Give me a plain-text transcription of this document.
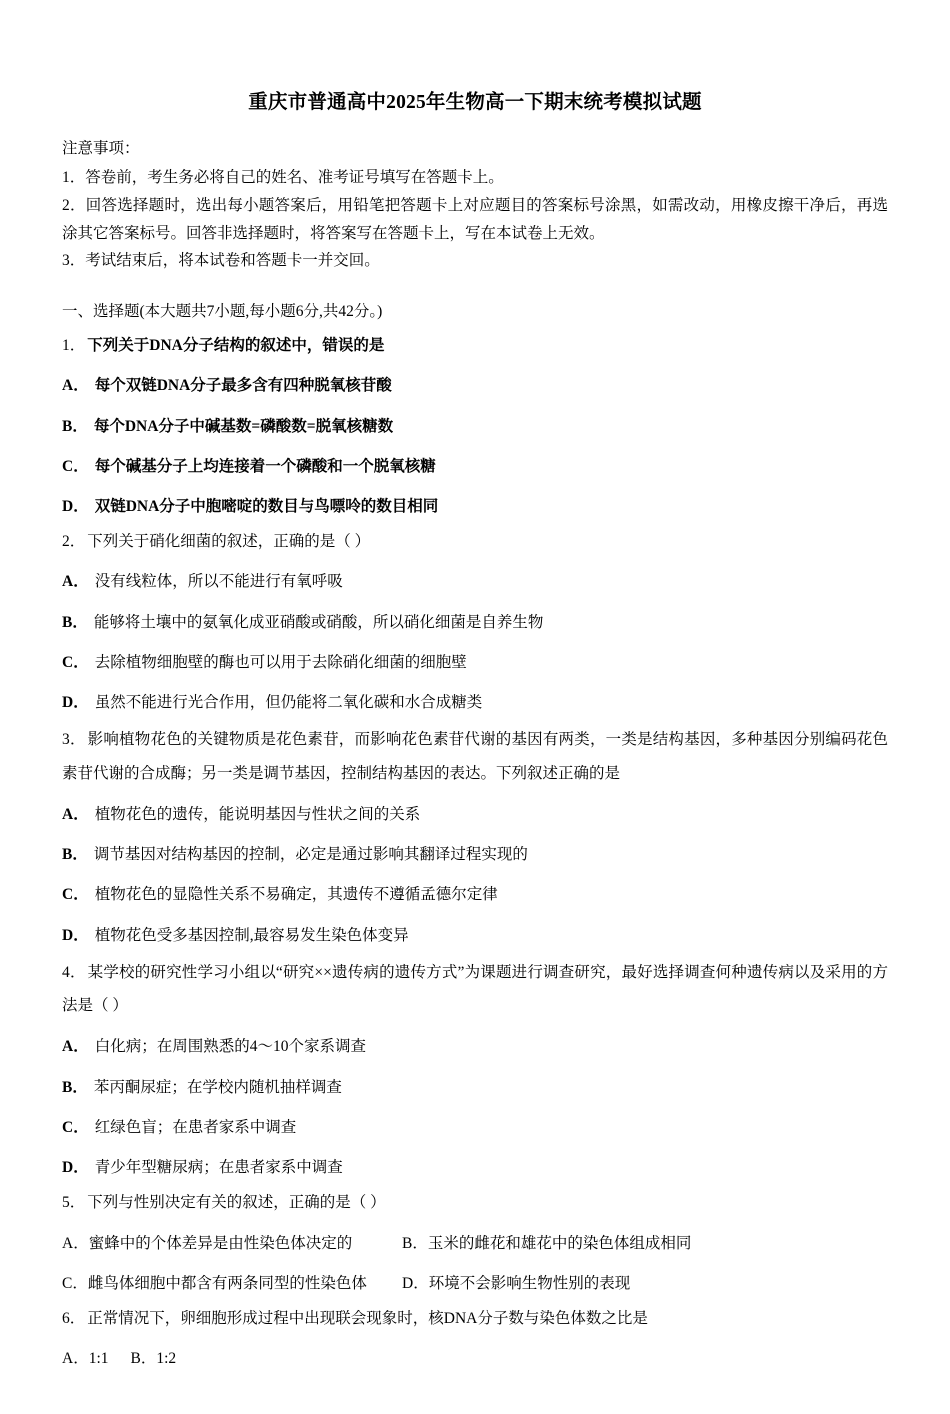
重庆市普通高中2025年生物高一下期末统考模拟试题
注意事项：

1．答卷前，考生务必将自己的姓名、准考证号填写在答题卡上。

2．回答选择题时，选出每小题答案后，用铅笔把答题卡上对应题目的答案标号涂黑，如需改动，用橡皮擦干净后，再选涂其它答案标号。回答非选择题时，将答案写在答题卡上，写在本试卷上无效。

3．考试结束后，将本试卷和答题卡一并交回。

一、选择题(本大题共7小题,每小题6分,共42分。)

1． 下列关于DNA分子结构的叙述中，错误的是

A． 每个双链DNA分子最多含有四种脱氧核苷酸

B． 每个DNA分子中碱基数=磷酸数=脱氧核糖数

C． 每个碱基分子上均连接着一个磷酸和一个脱氧核糖

D． 双链DNA分子中胞嘧啶的数目与鸟嘌呤的数目相同

2． 下列关于硝化细菌的叙述，正确的是（ ）

A． 没有线粒体，所以不能进行有氧呼吸

B． 能够将土壤中的氨氧化成亚硝酸或硝酸，所以硝化细菌是自养生物

C． 去除植物细胞壁的酶也可以用于去除硝化细菌的细胞壁

D． 虽然不能进行光合作用，但仍能将二氧化碳和水合成糖类

3． 影响植物花色的关键物质是花色素苷，而影响花色素苷代谢的基因有两类，一类是结构基因，多种基因分别编码花色素苷代谢的合成酶；另一类是调节基因，控制结构基因的表达。下列叙述正确的是

A． 植物花色的遗传，能说明基因与性状之间的关系

B． 调节基因对结构基因的控制，必定是通过影响其翻译过程实现的

C． 植物花色的显隐性关系不易确定，其遗传不遵循孟德尔定律

D． 植物花色受多基因控制,最容易发生染色体变异

4． 某学校的研究性学习小组以“研究××遗传病的遗传方式”为课题进行调查研究，最好选择调查何种遗传病以及采用的方法是（ ）

A． 白化病；在周围熟悉的4～10个家系调查

B． 苯丙酮尿症；在学校内随机抽样调查

C． 红绿色盲；在患者家系中调查

D． 青少年型糖尿病；在患者家系中调查

5． 下列与性别决定有关的叙述，正确的是（ ）

A．蜜蜂中的个体差异是由性染色体决定的	B．玉米的雌花和雄花中的染色体组成相同
C．雌鸟体细胞中都含有两条同型的性染色体	D．环境不会影响生物性别的表现

6． 正常情况下，卵细胞形成过程中出现联会现象时，核DNA分子数与染色体数之比是

A．1:1	B．1:2
